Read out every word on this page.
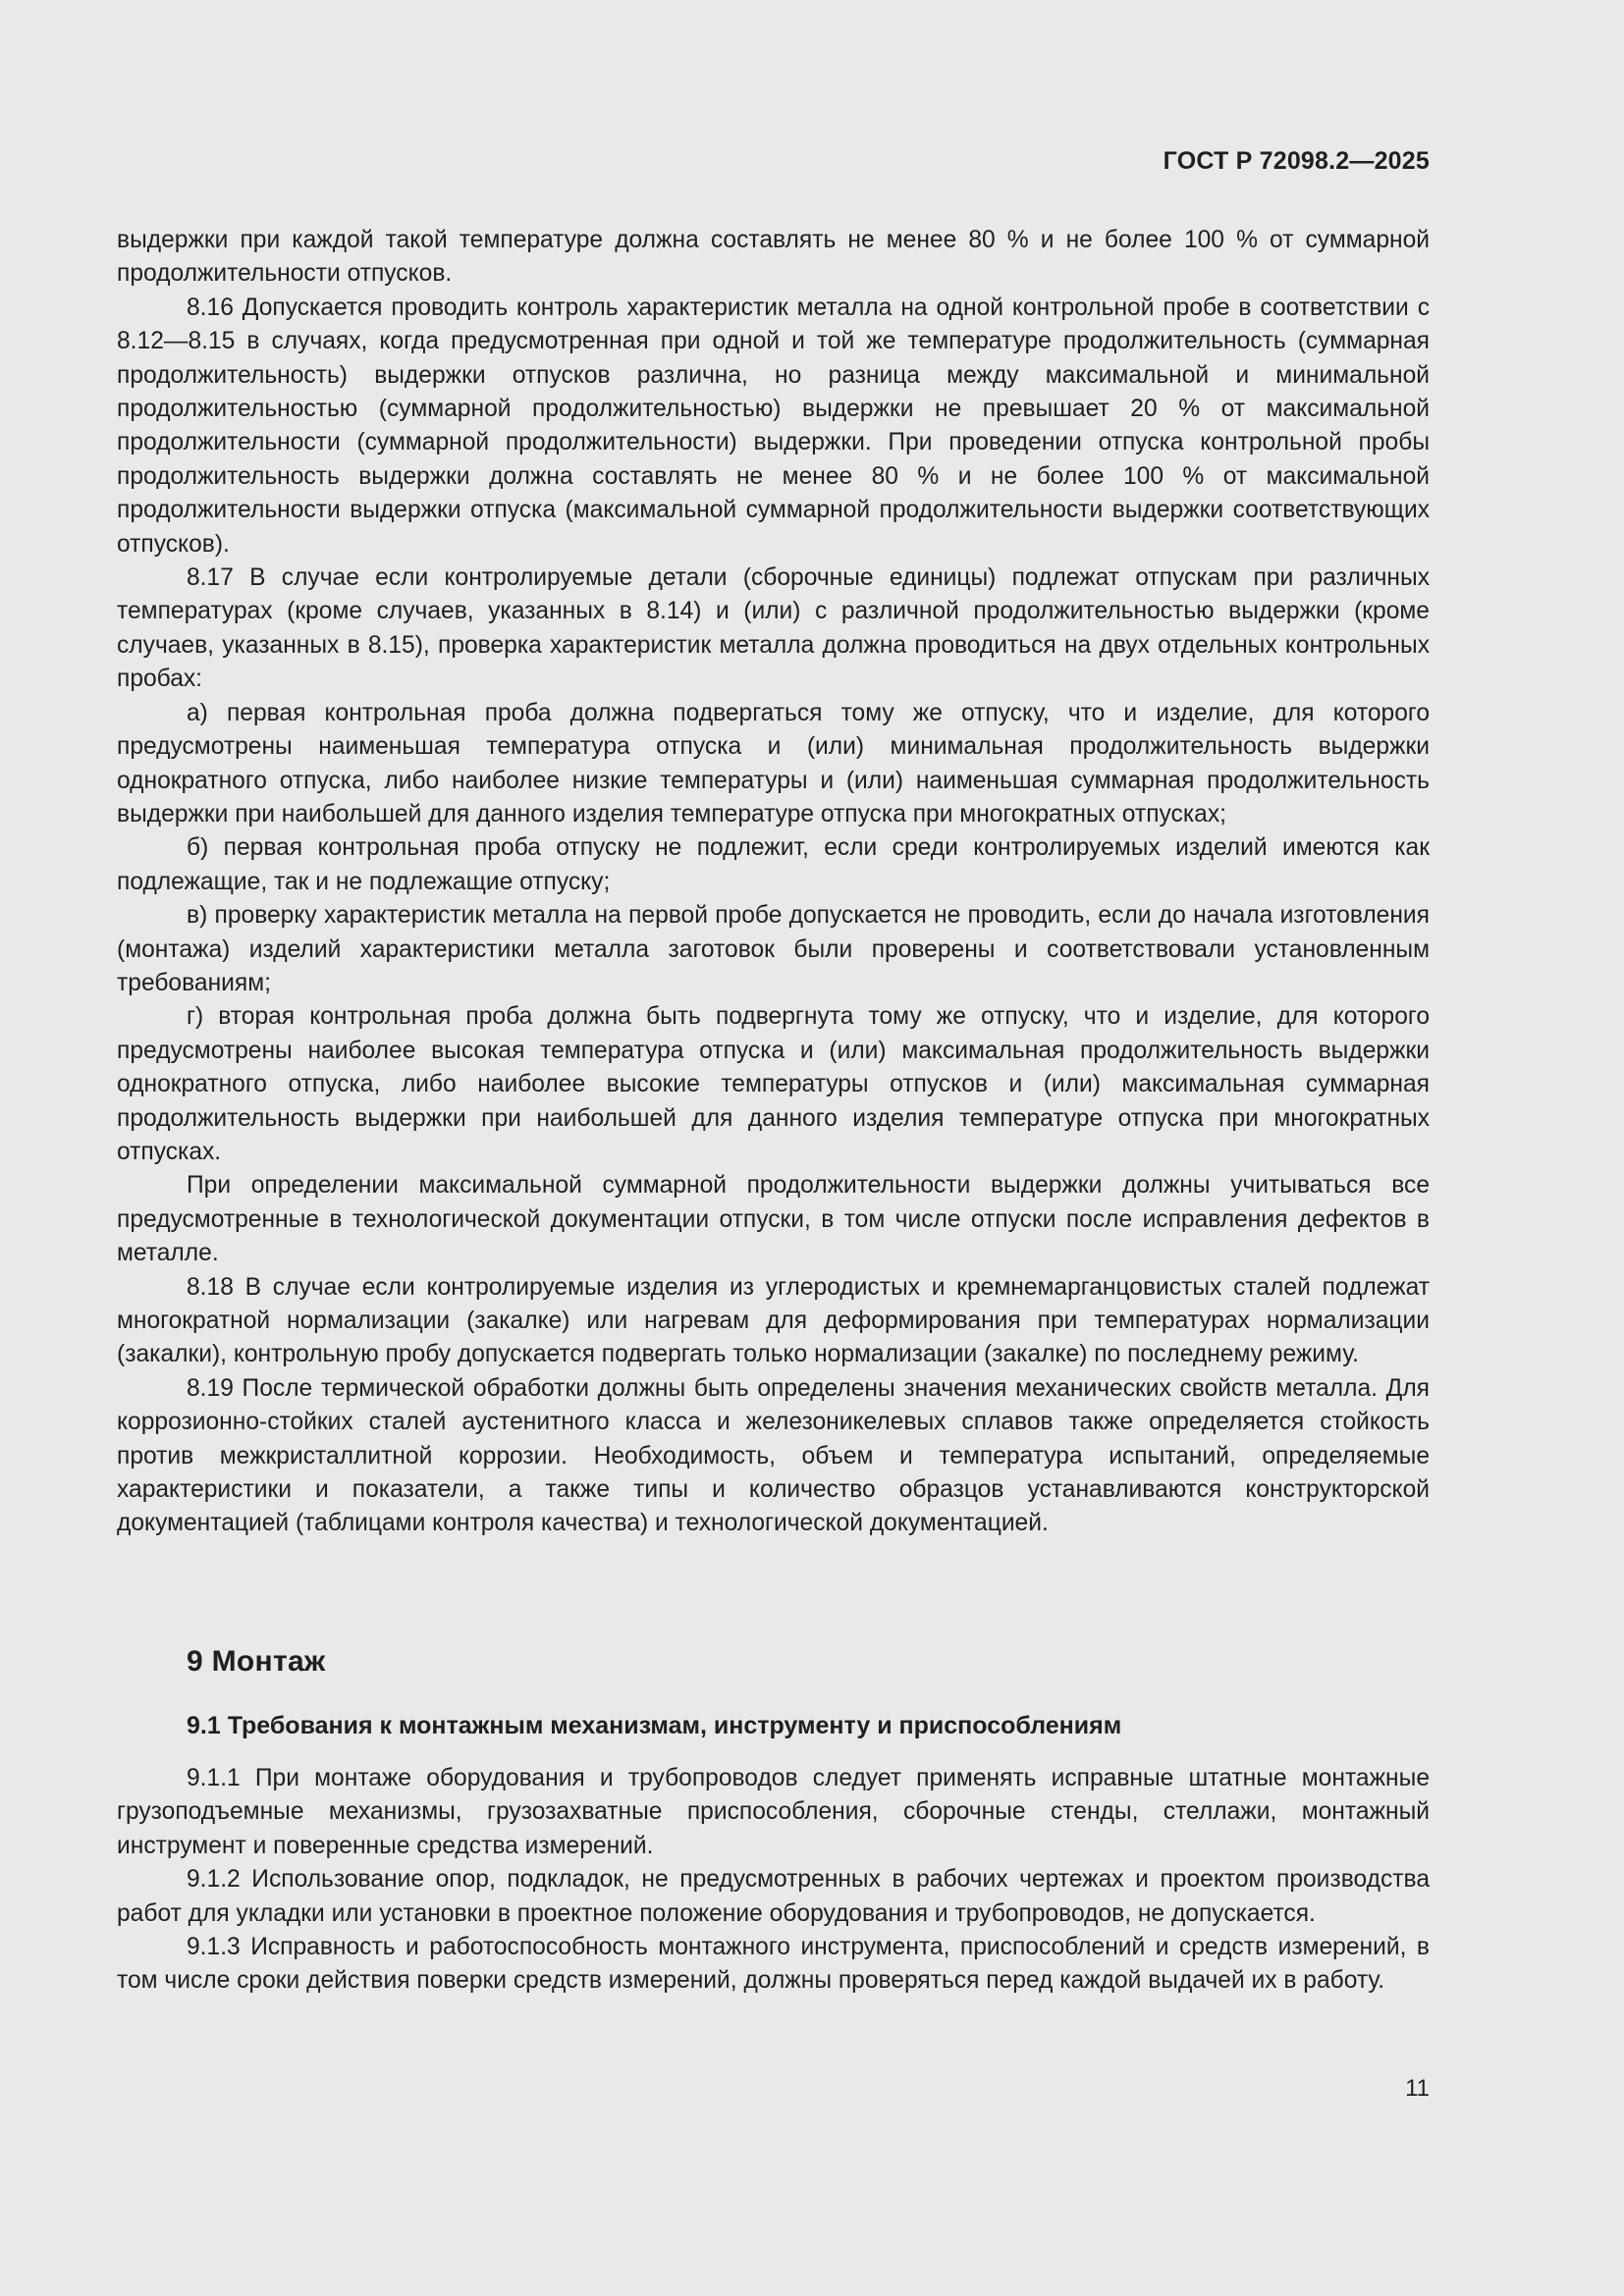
ГОСТ Р 72098.2—2025

выдержки при каждой такой температуре должна составлять не менее 80 % и не более 100 % от суммарной продолжительности отпусков.

8.16 Допускается проводить контроль характеристик металла на одной контрольной пробе в соответствии с 8.12—8.15 в случаях, когда предусмотренная при одной и той же температуре продолжительность (суммарная продолжительность) выдержки отпусков различна, но разница между максимальной и минимальной продолжительностью (суммарной продолжительностью) выдержки не превышает 20 % от максимальной продолжительности (суммарной продолжительности) выдержки. При проведении отпуска контрольной пробы продолжительность выдержки должна составлять не менее 80 % и не более 100 % от максимальной продолжительности выдержки отпуска (максимальной суммарной продолжительности выдержки соответствующих отпусков).

8.17 В случае если контролируемые детали (сборочные единицы) подлежат отпускам при различных температурах (кроме случаев, указанных в 8.14) и (или) с различной продолжительностью выдержки (кроме случаев, указанных в 8.15), проверка характеристик металла должна проводиться на двух отдельных контрольных пробах:

а) первая контрольная проба должна подвергаться тому же отпуску, что и изделие, для которого предусмотрены наименьшая температура отпуска и (или) минимальная продолжительность выдержки однократного отпуска, либо наиболее низкие температуры и (или) наименьшая суммарная продолжительность выдержки при наибольшей для данного изделия температуре отпуска при многократных отпусках;

б) первая контрольная проба отпуску не подлежит, если среди контролируемых изделий имеются как подлежащие, так и не подлежащие отпуску;

в) проверку характеристик металла на первой пробе допускается не проводить, если до начала изготовления (монтажа) изделий характеристики металла заготовок были проверены и соответствовали установленным требованиям;

г) вторая контрольная проба должна быть подвергнута тому же отпуску, что и изделие, для которого предусмотрены наиболее высокая температура отпуска и (или) максимальная продолжительность выдержки однократного отпуска, либо наиболее высокие температуры отпусков и (или) максимальная суммарная продолжительность выдержки при наибольшей для данного изделия температуре отпуска при многократных отпусках.

При определении максимальной суммарной продолжительности выдержки должны учитываться все предусмотренные в технологической документации отпуски, в том числе отпуски после исправления дефектов в металле.

8.18 В случае если контролируемые изделия из углеродистых и кремнемарганцовистых сталей подлежат многократной нормализации (закалке) или нагревам для деформирования при температурах нормализации (закалки), контрольную пробу допускается подвергать только нормализации (закалке) по последнему режиму.

8.19 После термической обработки должны быть определены значения механических свойств металла. Для коррозионно-стойких сталей аустенитного класса и железоникелевых сплавов также определяется стойкость против межкристаллитной коррозии. Необходимость, объем и температура испытаний, определяемые характеристики и показатели, а также типы и количество образцов устанавливаются конструкторской документацией (таблицами контроля качества) и технологической документацией.

9 Монтаж
9.1 Требования к монтажным механизмам, инструменту и приспособлениям

9.1.1 При монтаже оборудования и трубопроводов следует применять исправные штатные монтажные грузоподъемные механизмы, грузозахватные приспособления, сборочные стенды, стеллажи, монтажный инструмент и поверенные средства измерений.

9.1.2 Использование опор, подкладок, не предусмотренных в рабочих чертежах и проектом производства работ для укладки или установки в проектное положение оборудования и трубопроводов, не допускается.

9.1.3 Исправность и работоспособность монтажного инструмента, приспособлений и средств измерений, в том числе сроки действия поверки средств измерений, должны проверяться перед каждой выдачей их в работу.

11
